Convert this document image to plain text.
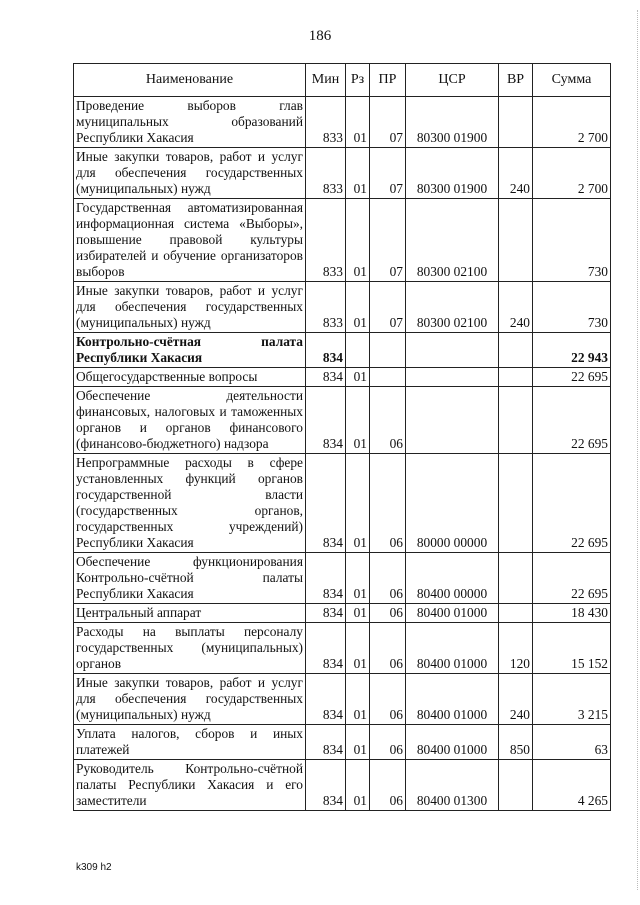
186
Наименование	Мин	Рз	ПР	ЦСР	ВР	Сумма
Проведение выборов глав муниципальных образований Республики Хакасия	833	01	07	80300 01900		2 700
Иные закупки товаров, работ и услуг для обеспечения государственных (муниципальных) нужд	833	01	07	80300 01900	240	2 700
Государственная автоматизированная информационная система «Выборы», повышение правовой культуры избирателей и обучение организаторов выборов	833	01	07	80300 02100		730
Иные закупки товаров, работ и услуг для обеспечения государственных (муниципальных) нужд	833	01	07	80300 02100	240	730
Контрольно-счётная палата Республики Хакасия	834					22 943
Общегосударственные вопросы	834	01				22 695
Обеспечение деятельности финансовых, налоговых и таможенных органов и органов финансового (финансово-бюджетного) надзора	834	01	06			22 695
Непрограммные расходы в сфере установленных функций органов государственной власти (государственных органов, государственных учреждений) Республики Хакасия	834	01	06	80000 00000		22 695
Обеспечение функционирования Контрольно-счётной палаты Республики Хакасия	834	01	06	80400 00000		22 695
Центральный аппарат	834	01	06	80400 01000		18 430
Расходы на выплаты персоналу государственных (муниципальных) органов	834	01	06	80400 01000	120	15 152
Иные закупки товаров, работ и услуг для обеспечения государственных (муниципальных) нужд	834	01	06	80400 01000	240	3 215
Уплата налогов, сборов и иных платежей	834	01	06	80400 01000	850	63
Руководитель Контрольно-счётной палаты Республики Хакасия и его заместители	834	01	06	80400 01300		4 265
k309 h2
